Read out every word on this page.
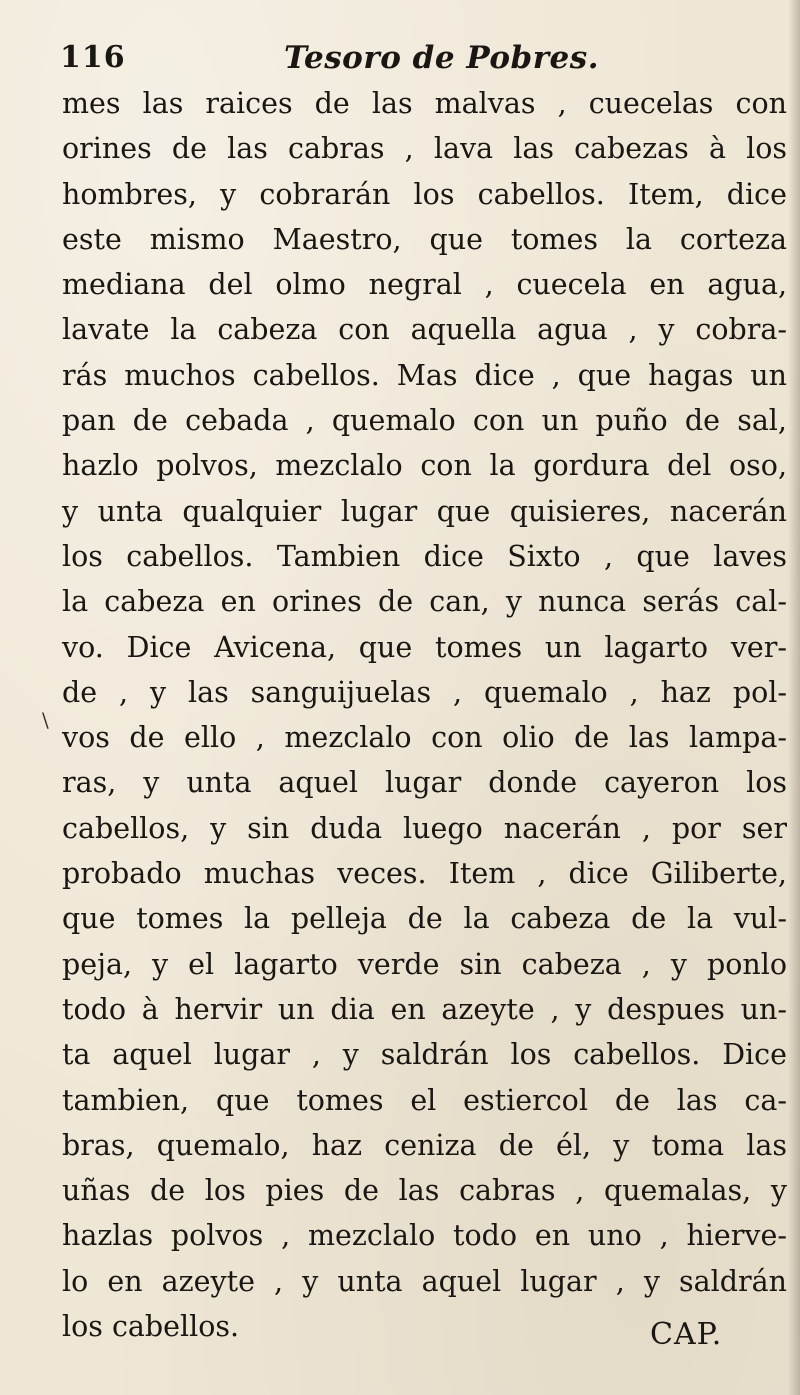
116	Tesoro de Pobres.
\
mes las raices de las malvas , cuecelas con
orines de las cabras , lava las cabezas à los
hombres, y cobrarán los cabellos. Item, dice
este mismo Maestro, que tomes la corteza
mediana del olmo negral , cuecela en agua,
lavate la cabeza con aquella agua , y cobra-
rás muchos cabellos. Mas dice , que hagas un
pan de cebada , quemalo con un puño de sal,
hazlo polvos, mezclalo con la gordura del oso,
y unta qualquier lugar que quisieres, nacerán
los cabellos. Tambien dice Sixto , que laves
la cabeza en orines de can, y nunca serás cal-
vo. Dice Avicena, que tomes un lagarto ver-
de , y las sanguijuelas , quemalo , haz pol-
vos de ello , mezclalo con olio de las lampa-
ras, y unta aquel lugar donde cayeron los
cabellos, y sin duda luego nacerán , por ser
probado muchas veces. Item , dice Giliberte,
que tomes la pelleja de la cabeza de la vul-
peja, y el lagarto verde sin cabeza , y ponlo
todo à hervir un dia en azeyte , y despues un-
ta aquel lugar , y saldrán los cabellos. Dice
tambien, que tomes el estiercol de las ca-
bras, quemalo, haz ceniza de él, y toma las
uñas de los pies de las cabras , quemalas, y
hazlas polvos , mezclalo todo en uno , hierve-
lo en azeyte , y unta aquel lugar , y saldrán
los cabellos.	CAP.
